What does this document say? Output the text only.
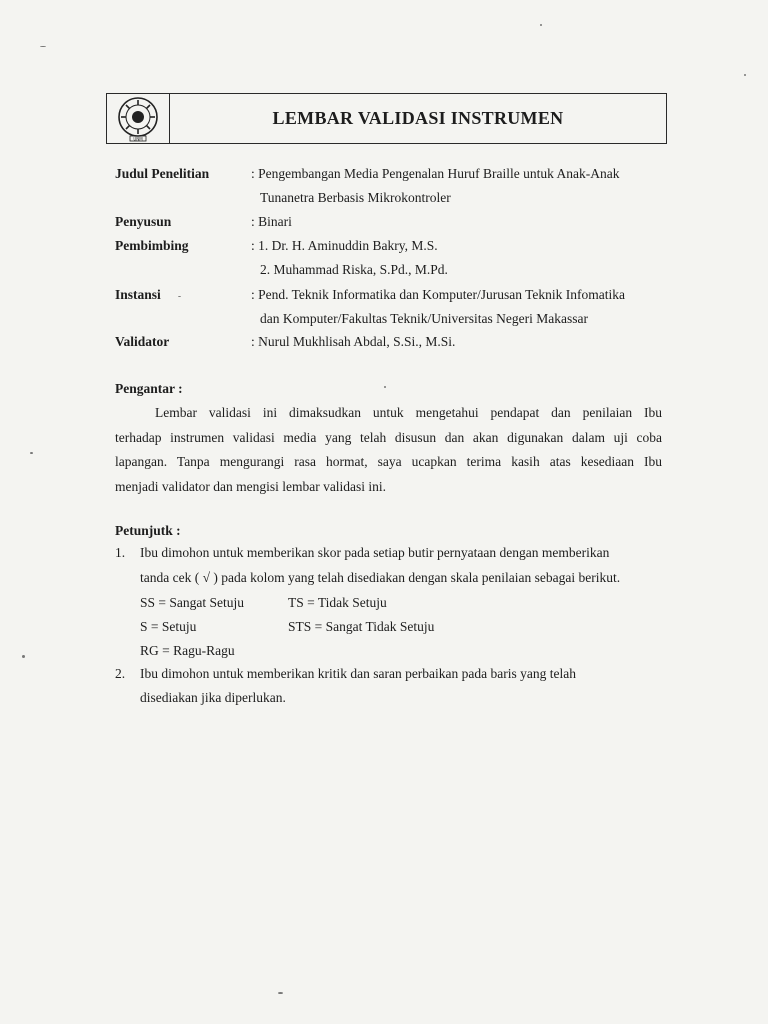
UNM
LEMBAR VALIDASI INSTRUMEN
Judul Penelitian	: Pengembangan Media Pengenalan Huruf Braille untuk Anak-Anak
Tunanetra Berbasis Mikrokontroler
Penyusun	: Binari
Pembimbing	: 1. Dr. H. Aminuddin Bakry, M.S.
2. Muhammad Riska, S.Pd., M.Pd.
Instansi	: Pend. Teknik Informatika dan Komputer/Jurusan Teknik Infomatika
dan Komputer/Fakultas Teknik/Universitas Negeri Makassar
Validator	: Nurul Mukhlisah Abdal, S.Si., M.Si.
Pengantar :
Lembar validasi ini dimaksudkan untuk mengetahui pendapat dan penilaian Ibu
terhadap instrumen validasi media yang telah disusun dan akan digunakan dalam uji coba
lapangan. Tanpa mengurangi rasa hormat, saya ucapkan terima kasih atas kesediaan Ibu
menjadi validator dan mengisi lembar validasi ini.
Petunjutk :
1. Ibu dimohon untuk memberikan skor pada setiap butir pernyataan dengan memberikan
tanda cek ( √ ) pada kolom yang telah disediakan dengan skala penilaian sebagai berikut.
SS = Sangat Setuju	TS = Tidak Setuju
S = Setuju	STS = Sangat Tidak Setuju
RG = Ragu-Ragu
2. Ibu dimohon untuk memberikan kritik dan saran perbaikan pada baris yang telah
disediakan jika diperlukan.
